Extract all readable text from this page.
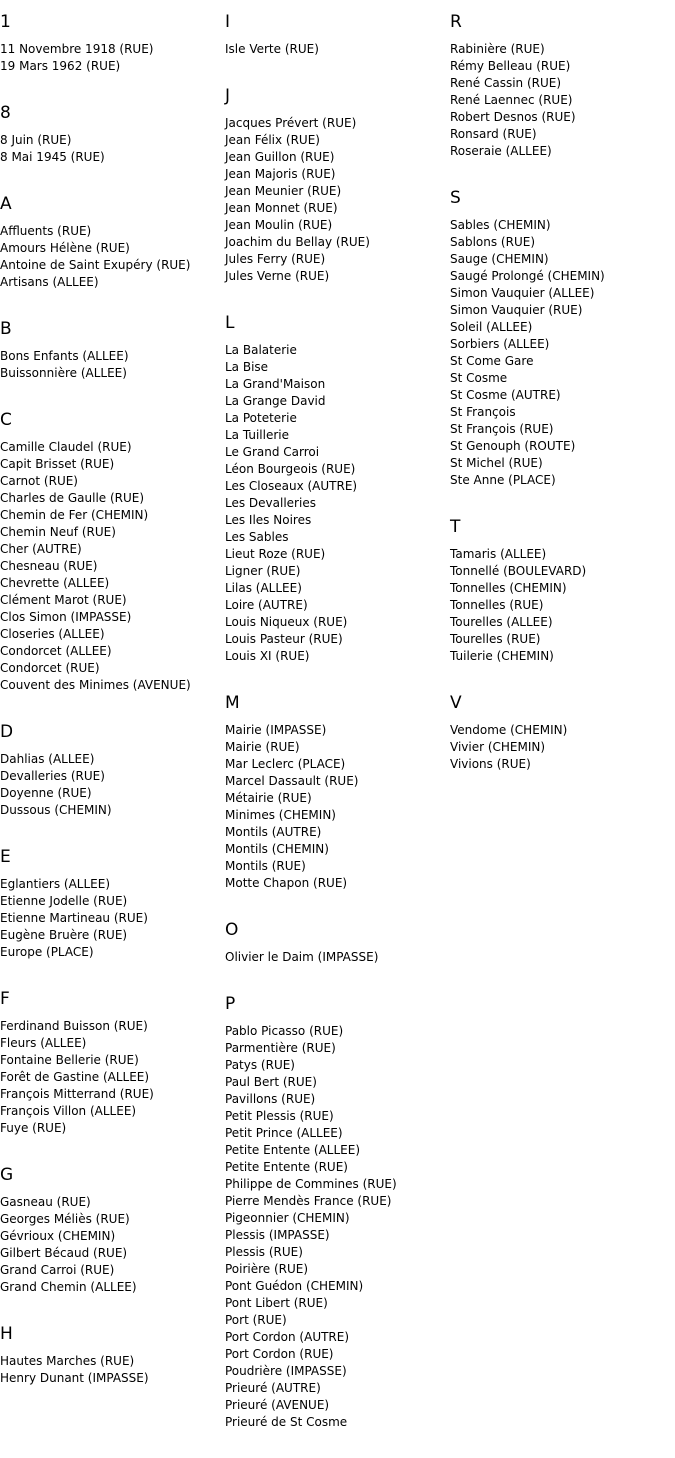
1
11 Novembre 1918 (RUE)
19 Mars 1962 (RUE)
8
8 Juin (RUE)
8 Mai 1945 (RUE)
A
Affluents (RUE)
Amours Hélène (RUE)
Antoine de Saint Exupéry (RUE)
Artisans (ALLEE)
B
Bons Enfants (ALLEE)
Buissonnière (ALLEE)
C
Camille Claudel (RUE)
Capit Brisset (RUE)
Carnot (RUE)
Charles de Gaulle (RUE)
Chemin de Fer (CHEMIN)
Chemin Neuf (RUE)
Cher (AUTRE)
Chesneau (RUE)
Chevrette (ALLEE)
Clément Marot (RUE)
Clos Simon (IMPASSE)
Closeries (ALLEE)
Condorcet (ALLEE)
Condorcet (RUE)
Couvent des Minimes (AVENUE)
D
Dahlias (ALLEE)
Devalleries (RUE)
Doyenne (RUE)
Dussous (CHEMIN)
E
Eglantiers (ALLEE)
Etienne Jodelle (RUE)
Etienne Martineau (RUE)
Eugène Bruère (RUE)
Europe (PLACE)
F
Ferdinand Buisson (RUE)
Fleurs (ALLEE)
Fontaine Bellerie (RUE)
Forêt de Gastine (ALLEE)
François Mitterrand (RUE)
François Villon (ALLEE)
Fuye (RUE)
G
Gasneau (RUE)
Georges Méliès (RUE)
Gévrioux (CHEMIN)
Gilbert Bécaud (RUE)
Grand Carroi (RUE)
Grand Chemin (ALLEE)
H
Hautes Marches (RUE)
Henry Dunant (IMPASSE)
I
Isle Verte (RUE)
J
Jacques Prévert (RUE)
Jean Félix (RUE)
Jean Guillon (RUE)
Jean Majoris (RUE)
Jean Meunier (RUE)
Jean Monnet (RUE)
Jean Moulin (RUE)
Joachim du Bellay (RUE)
Jules Ferry (RUE)
Jules Verne (RUE)
L
La Balaterie
La Bise
La Grand'Maison
La Grange David
La Poteterie
La Tuillerie
Le Grand Carroi
Léon Bourgeois (RUE)
Les Closeaux (AUTRE)
Les Devalleries
Les Iles Noires
Les Sables
Lieut Roze (RUE)
Ligner (RUE)
Lilas (ALLEE)
Loire (AUTRE)
Louis Niqueux (RUE)
Louis Pasteur (RUE)
Louis XI (RUE)
M
Mairie (IMPASSE)
Mairie (RUE)
Mar Leclerc (PLACE)
Marcel Dassault (RUE)
Métairie (RUE)
Minimes (CHEMIN)
Montils (AUTRE)
Montils (CHEMIN)
Montils (RUE)
Motte Chapon (RUE)
O
Olivier le Daim (IMPASSE)
P
Pablo Picasso (RUE)
Parmentière (RUE)
Patys (RUE)
Paul Bert (RUE)
Pavillons (RUE)
Petit Plessis (RUE)
Petit Prince (ALLEE)
Petite Entente (ALLEE)
Petite Entente (RUE)
Philippe de Commines (RUE)
Pierre Mendès France (RUE)
Pigeonnier (CHEMIN)
Plessis (IMPASSE)
Plessis (RUE)
Poirière (RUE)
Pont Guédon (CHEMIN)
Pont Libert (RUE)
Port (RUE)
Port Cordon (AUTRE)
Port Cordon (RUE)
Poudrière (IMPASSE)
Prieuré (AUTRE)
Prieuré (AVENUE)
Prieuré de St Cosme
R
Rabinière (RUE)
Rémy Belleau (RUE)
René Cassin (RUE)
René Laennec (RUE)
Robert Desnos (RUE)
Ronsard (RUE)
Roseraie (ALLEE)
S
Sables (CHEMIN)
Sablons (RUE)
Sauge (CHEMIN)
Saugé Prolongé (CHEMIN)
Simon Vauquier (ALLEE)
Simon Vauquier (RUE)
Soleil (ALLEE)
Sorbiers (ALLEE)
St Come Gare
St Cosme
St Cosme (AUTRE)
St François
St François (RUE)
St Genouph (ROUTE)
St Michel (RUE)
Ste Anne (PLACE)
T
Tamaris (ALLEE)
Tonnellé (BOULEVARD)
Tonnelles (CHEMIN)
Tonnelles (RUE)
Tourelles (ALLEE)
Tourelles (RUE)
Tuilerie (CHEMIN)
V
Vendome (CHEMIN)
Vivier (CHEMIN)
Vivions (RUE)
